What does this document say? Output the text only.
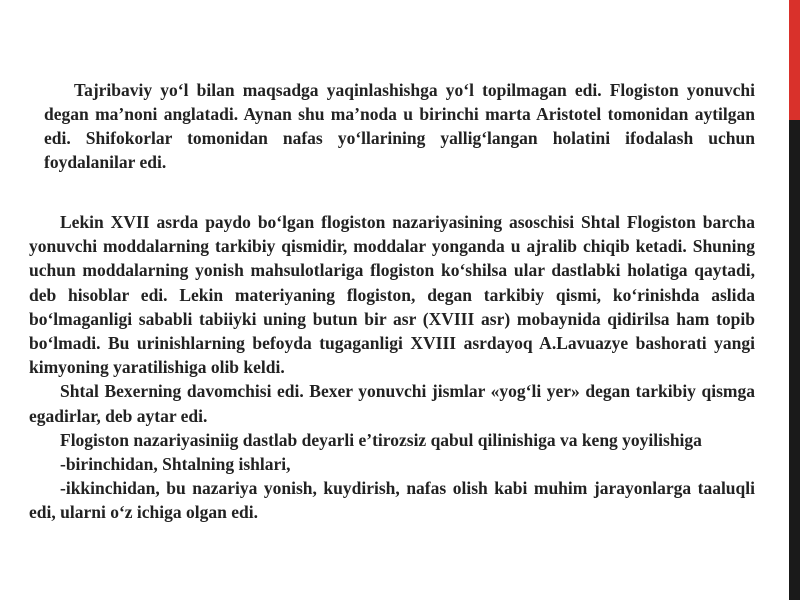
Tajribaviy yo‘l bilan maqsadga yaqinlashishga yo‘l topilmagan edi. Flogiston yonuvchi degan ma’noni anglatadi. Aynan shu ma’noda u birinchi marta Aristotel tomonidan aytilgan edi. Shifokorlar tomonidan nafas yo‘llarining yallig‘langan holatini ifodalash uchun foydalanilar edi.

Lekin XVII asrda paydo bo‘lgan flogiston nazariyasining asoschisi Shtal Flogiston barcha yonuvchi moddalarning tarkibiy qismidir, moddalar yonganda u ajralib chiqib ketadi. Shuning uchun moddalarning yonish mahsulotlariga flogiston ko‘shilsa ular dastlabki holatiga qaytadi, deb hisoblar edi. Lekin materiyaning flogiston, degan tarkibiy qismi, ko‘rinishda aslida bo‘lmaganligi sababli tabiiyki uning butun bir asr (XVIII asr) mobaynida qidirilsa ham topib bo‘lmadi. Bu urinishlarning befoyda tugaganligi XVIII asrdayoq A.Lavuazye bashorati yangi kimyoning yaratilishiga olib keldi.

Shtal Bexerning davomchisi edi. Bexer yonuvchi jismlar «yog‘li yer» degan tarkibiy qismga egadirlar, deb aytar edi.

Flogiston nazariyasiniig dastlab deyarli e’tirozsiz qabul qilinishiga va keng yoyilishiga

-birinchidan, Shtalning ishlari,

-ikkinchidan, bu nazariya yonish, kuydirish, nafas olish kabi muhim jarayonlarga taaluqli edi, ularni o‘z ichiga olgan edi.
